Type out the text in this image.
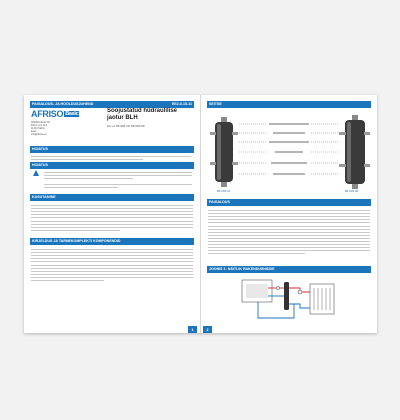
PAIGALDUS- JA HOOLDUSJUHEND	EE2-0-15-11
AFRISO $^{Basic}$
AFRISO Eesti OÜ
Pärnu mnt 123
11314 Tallinn
Eesti
info@afriso.ee
Soojustatud hüdraulilise jaotur BLH
Art.-nr 86 003 10, 86 003 00
HOIATUS
HOIATUS
KASUTAMINE
KIRJELDUS JA TARNEKOMPLEKTI KOMPONENDID
1
SEITSE
86 003 10	86 003 00
PAIGALDUS
JOONIS 1: NÄITLIK RAKENDUSNÄIDE
2
